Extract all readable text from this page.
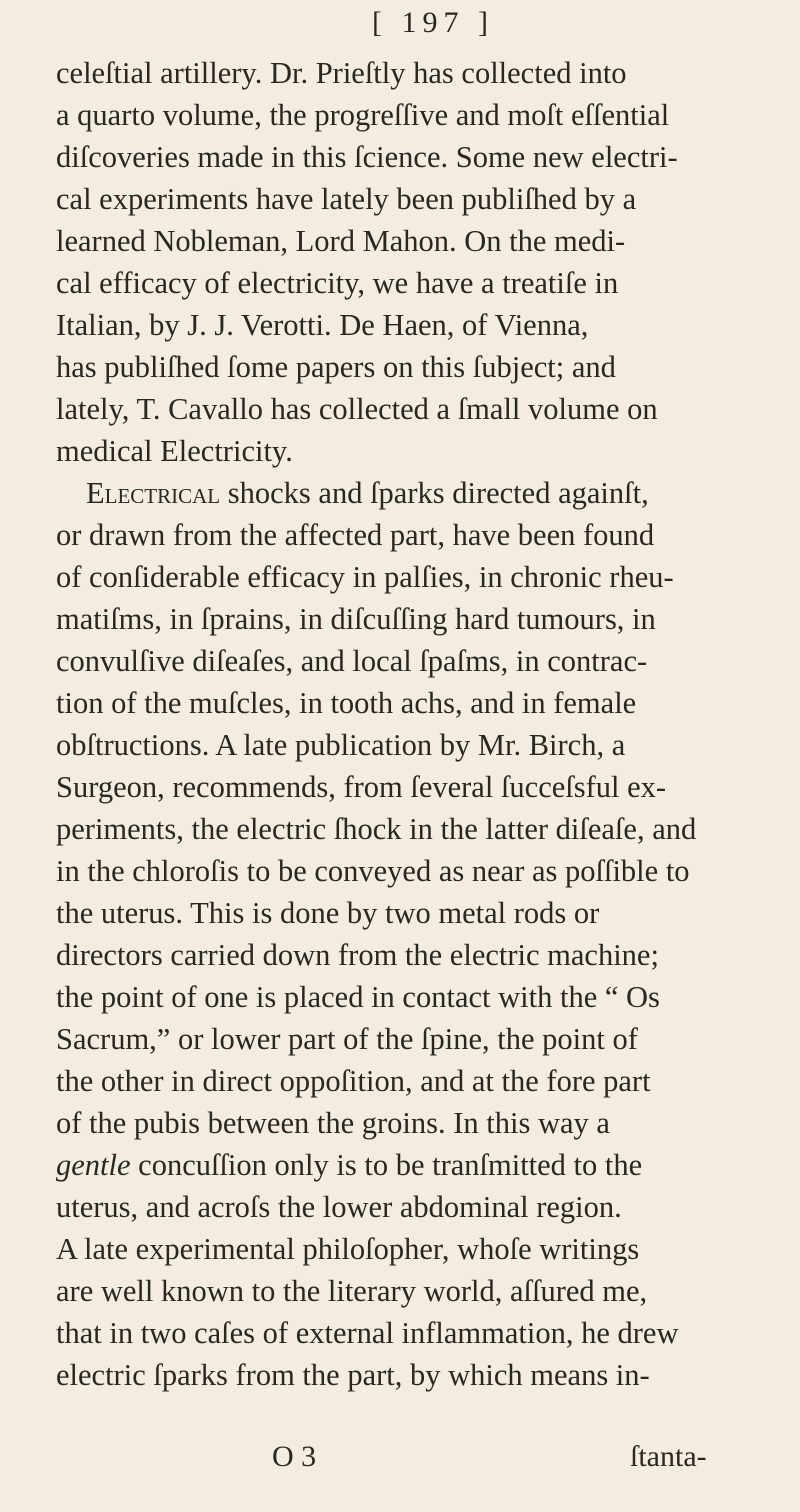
[ 197 ]

celeſtial artillery. Dr. Prieſtly has collected into

a quarto volume, the progreſſive and moſt eſſential

diſcoveries made in this ſcience. Some new electri-

cal experiments have lately been publiſhed by a

learned Nobleman, Lord Mahon. On the medi-

cal efficacy of electricity, we have a treatiſe in

Italian, by J. J. Verotti. De Haen, of Vienna,

has publiſhed ſome papers on this ſubject; and

lately, T. Cavallo has collected a ſmall volume on

medical Electricity.

Electrical shocks and ſparks directed againſt,

or drawn from the affected part, have been found

of conſiderable efficacy in palſies, in chronic rheu-

matiſms, in ſprains, in diſcuſſing hard tumours, in

convulſive diſeaſes, and local ſpaſms, in contrac-

tion of the muſcles, in tooth achs, and in female

obſtructions. A late publication by Mr. Birch, a

Surgeon, recommends, from ſeveral ſucceſsful ex-

periments, the electric ſhock in the latter diſeaſe, and

in the chloroſis to be conveyed as near as poſſible to

the uterus. This is done by two metal rods or

directors carried down from the electric machine;

the point of one is placed in contact with the “ Os

Sacrum,” or lower part of the ſpine, the point of

the other in direct oppoſition, and at the fore part

of the pubis between the groins. In this way a

gentle concuſſion only is to be tranſmitted to the

uterus, and acroſs the lower abdominal region.

A late experimental philoſopher, whoſe writings

are well known to the literary world, aſſured me,

that in two caſes of external inflammation, he drew

electric ſparks from the part, by which means in-

O 3	ſtanta-
